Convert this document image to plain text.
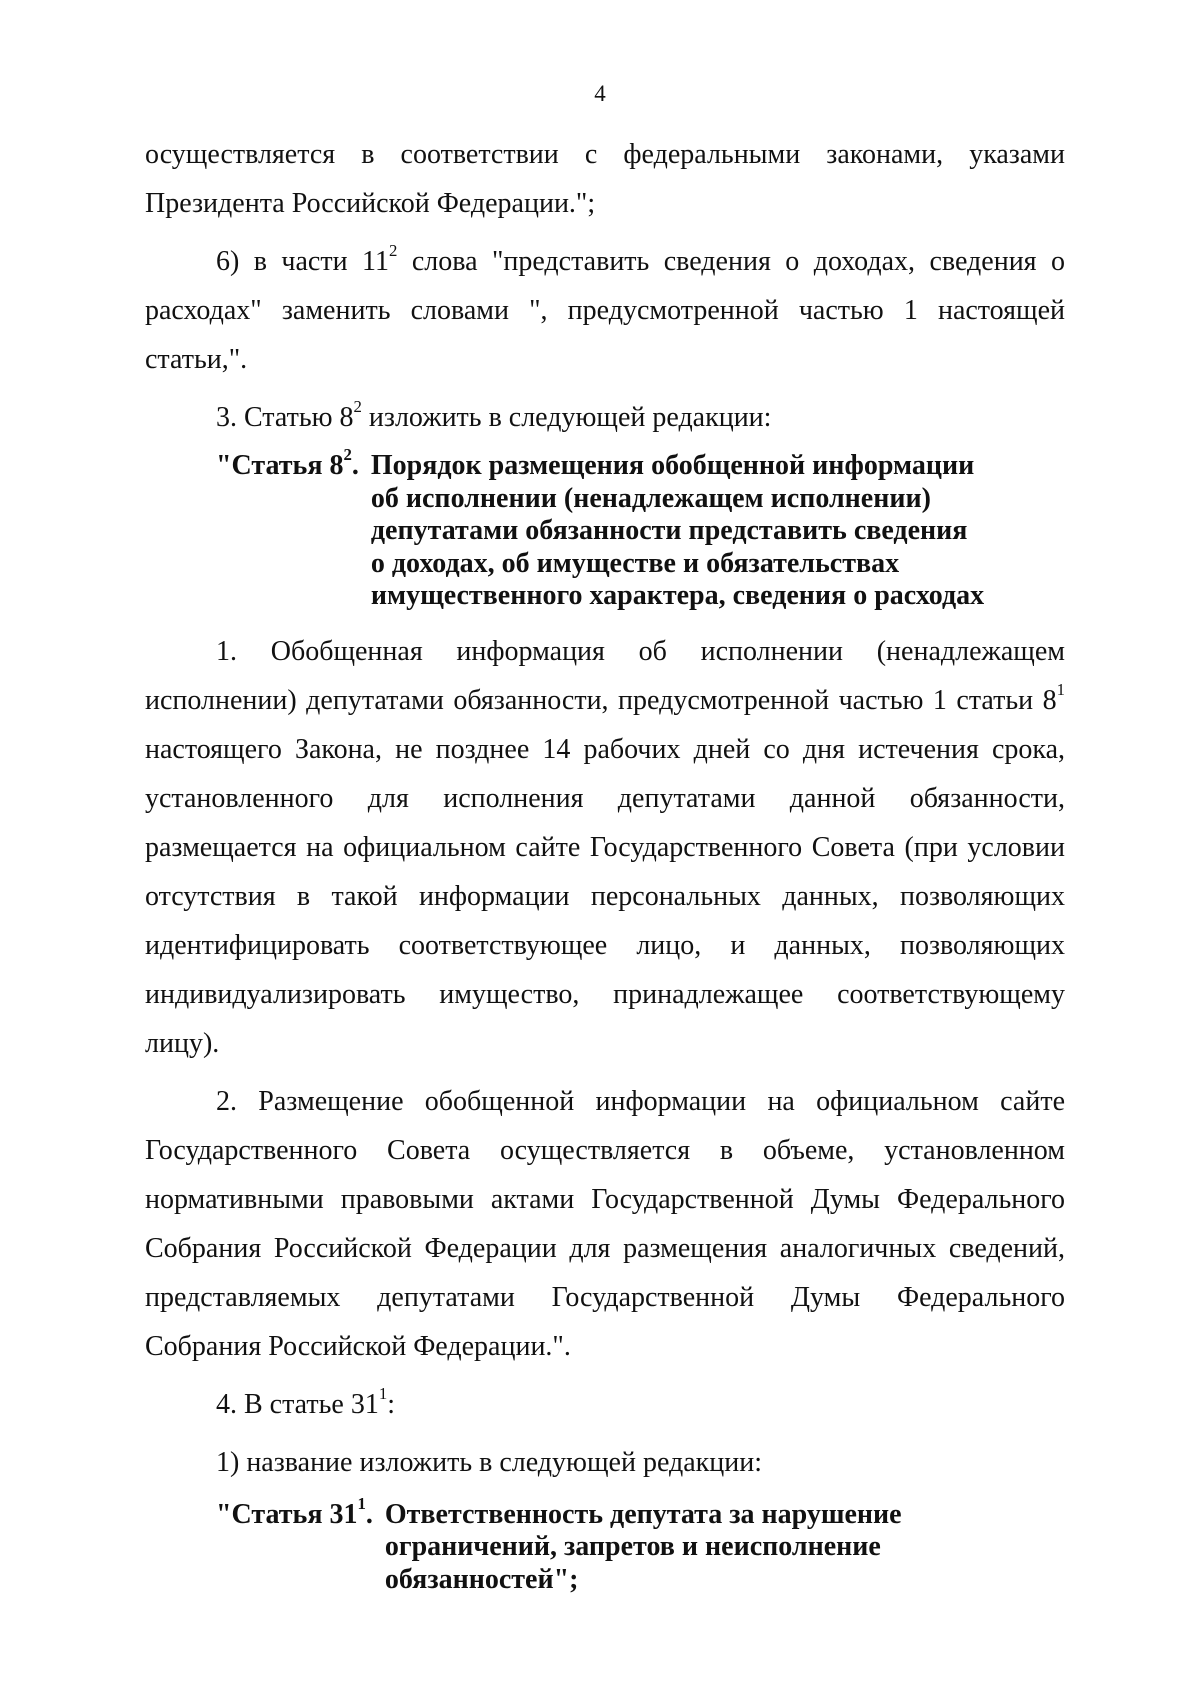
4

осуществляется в соответствии с федеральными законами, указами

Президента Российской Федерации.";

6) в части $11^2$ слова "представить сведения о доходах, сведения о расходах" заменить словами ", предусмотренной частью 1 настоящей статьи,".

3. Статью $8^2$ изложить в следующей редакции:

"Статья $8^2$. Порядок размещения обобщенной информации
об исполнении (ненадлежащем исполнении)
депутатами обязанности представить сведения
о доходах, об имуществе и обязательствах
имущественного характера, сведения о расходах

1. Обобщенная информация об исполнении (ненадлежащем исполнении) депутатами обязанности, предусмотренной частью 1 статьи $8^1$ настоящего Закона, не позднее 14 рабочих дней со дня истечения срока, установленного для исполнения депутатами данной обязанности, размещается на официальном сайте Государственного Совета (при условии отсутствия в такой информации персональных данных, позволяющих идентифицировать соответствующее лицо, и данных, позволяющих индивидуализировать имущество, принадлежащее соответствующему лицу).

2. Размещение обобщенной информации на официальном сайте Государственного Совета осуществляется в объеме, установленном нормативными правовыми актами Государственной Думы Федерального Собрания Российской Федерации для размещения аналогичных сведений, представляемых депутатами Государственной Думы Федерального Собрания Российской Федерации.".

4. В статье $31^1$:

1) название изложить в следующей редакции:

"Статья $31^1$. Ответственность депутата за нарушение
ограничений, запретов и неисполнение
обязанностей";
